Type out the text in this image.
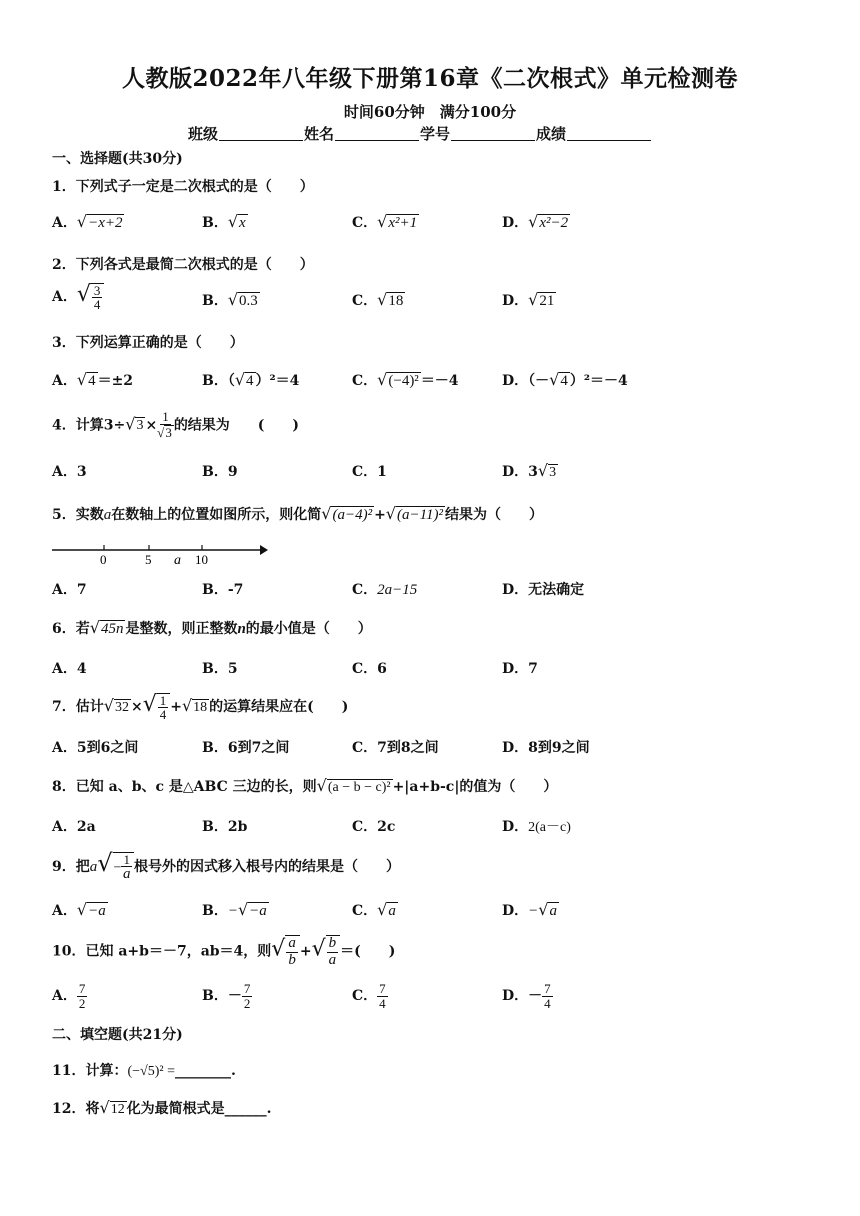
人教版2022年八年级下册第16章《二次根式》单元检测卷
时间60分钟　满分100分
班级	姓名	学号	成绩
一、选择题(共30分)
1．下列式子一定是二次根式的是（　　）
A．√−x+2	B．√x	C．√x²+1	D．√x²−2
2．下列各式是最简二次根式的是（　　）
A．√ $\frac{3}{4}$	B．√0.3	C．√18	D．√21
3．下列运算正确的是（　　）
A．√4 ＝±2	B．（√4 ）²＝4	C．√(−4)² ＝－4	D．（－√4 ）²＝－4
4．计算$3\div√3 \times \frac{1}{√3}$ 的结果为　　(　　)
A．3	B．9	C．1	D．3√3
5．实数a在数轴上的位置如图所示，则化简√(a−4)² +√(a−11)² 结果为（　　）
0	5 a 10
A．7	B．-7	C．2a−15	D．无法确定
6．若√45n 是整数，则正整数n的最小值是（　　）
A．4	B．5	C．6	D．7
7．估计√32 ×√ $\frac{1}{4} +√18$ 的运算结果应在(　　)
A．5到6之间	B．6到7之间	C．7到8之间	D．8到9之间
8．已知 a、b、c 是△ABC 三边的长，则√(a − b − c)² +|a+b-c|的值为（　　）
A．2a	B．2b	C．2c	D．2(a－c)
9．把$a√- \frac{1}{a}$ 根号外的因式移入根号内的结果是（　　）
A．√−a	B．−√−a	C．√a	D．−√a
10．已知 a+b＝－7，ab＝4，则√ $\frac{a}{b}$ +√ $\frac{b}{a}$ ＝(　　)
A． $\frac{7}{2}$	B．－ $\frac{7}{2}$	C． $\frac{7}{4}$	D．－ $\frac{7}{4}$
二、填空题(共21分)
11．计算：(−√5)² =________.
12．将√12 化为最简根式是______.
